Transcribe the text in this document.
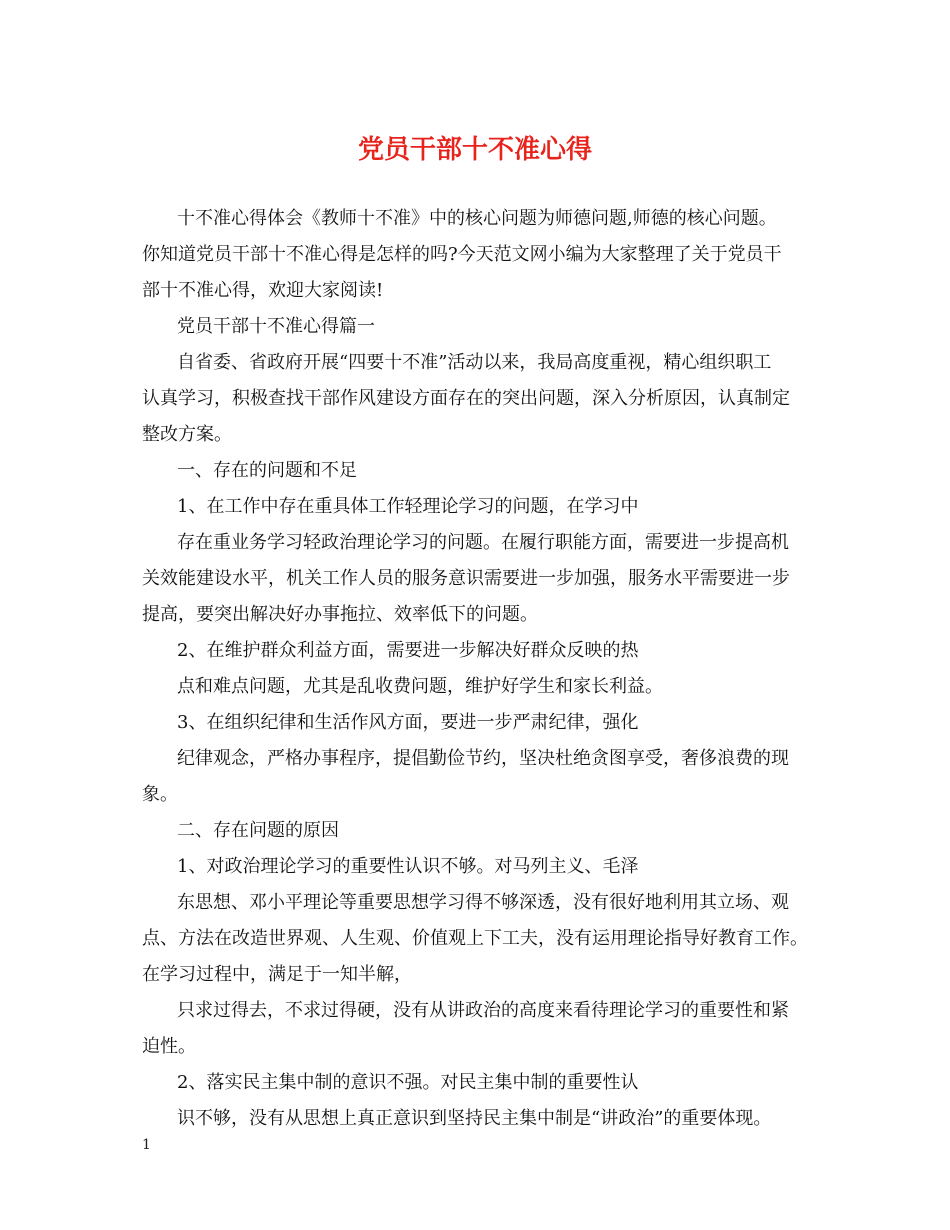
党员干部十不准心得

十不准心得体会《教师十不准》中的核心问题为师德问题,师德的核心问题。

你知道党员干部十不准心得是怎样的吗?今天范文网小编为大家整理了关于党员干

部十不准心得，欢迎大家阅读!

党员干部十不准心得篇一

自省委、省政府开展“四要十不准”活动以来，我局高度重视，精心组织职工

认真学习，积极查找干部作风建设方面存在的突出问题，深入分析原因，认真制定

整改方案。

一、存在的问题和不足

1、在工作中存在重具体工作轻理论学习的问题，在学习中

存在重业务学习轻政治理论学习的问题。在履行职能方面，需要进一步提高机

关效能建设水平，机关工作人员的服务意识需要进一步加强，服务水平需要进一步

提高，要突出解决好办事拖拉、效率低下的问题。

2、在维护群众利益方面，需要进一步解决好群众反映的热

点和难点问题，尤其是乱收费问题，维护好学生和家长利益。

3、在组织纪律和生活作风方面，要进一步严肃纪律，强化

纪律观念，严格办事程序，提倡勤俭节约，坚决杜绝贪图享受，奢侈浪费的现

象。

二、存在问题的原因

1、对政治理论学习的重要性认识不够。对马列主义、毛泽

东思想、邓小平理论等重要思想学习得不够深透，没有很好地利用其立场、观

点、方法在改造世界观、人生观、价值观上下工夫，没有运用理论指导好教育工作。

在学习过程中，满足于一知半解，

只求过得去，不求过得硬，没有从讲政治的高度来看待理论学习的重要性和紧

迫性。

2、落实民主集中制的意识不强。对民主集中制的重要性认

识不够，没有从思想上真正意识到坚持民主集中制是“讲政治”的重要体现。

1
